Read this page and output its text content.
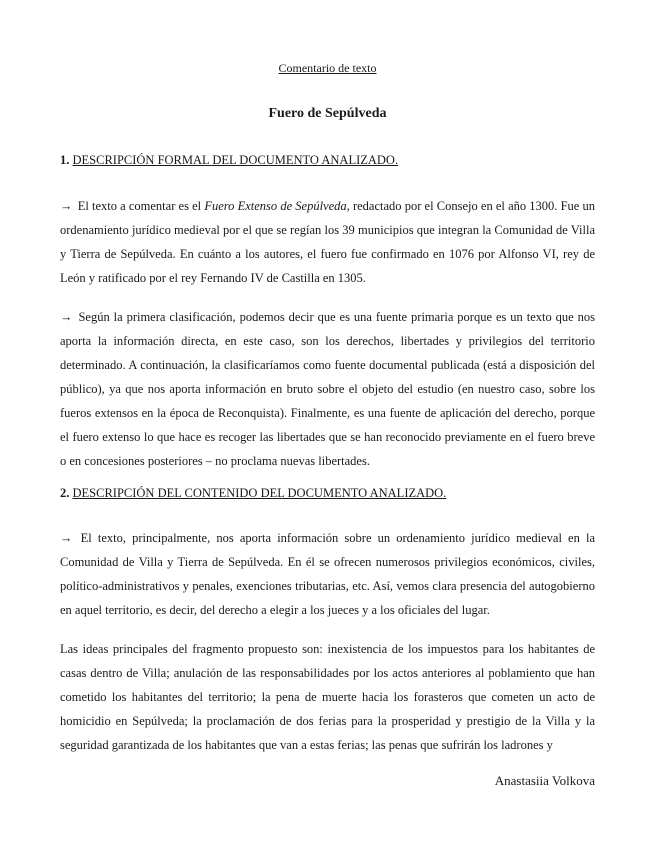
Comentario de texto
Fuero de Sepúlveda
1. DESCRIPCIÓN FORMAL DEL DOCUMENTO ANALIZADO.

→ El texto a comentar es el Fuero Extenso de Sepúlveda, redactado por el Consejo en el año 1300. Fue un ordenamiento jurídico medieval por el que se regían los 39 municipios que integran la Comunidad de Villa y Tierra de Sepúlveda. En cuánto a los autores, el fuero fue confirmado en 1076 por Alfonso VI, rey de León y ratificado por el rey Fernando IV de Castilla en 1305.

→ Según la primera clasificación, podemos decir que es una fuente primaria porque es un texto que nos aporta la información directa, en este caso, son los derechos, libertades y privilegios del territorio determinado. A continuación, la clasificaríamos como fuente documental publicada (está a disposición del público), ya que nos aporta información en bruto sobre el objeto del estudio (en nuestro caso, sobre los fueros extensos en la época de Reconquista). Finalmente, es una fuente de aplicación del derecho, porque el fuero extenso lo que hace es recoger las libertades que se han reconocido previamente en el fuero breve o en concesiones posteriores – no proclama nuevas libertades.

2. DESCRIPCIÓN DEL CONTENIDO DEL DOCUMENTO ANALIZADO.

→ El texto, principalmente, nos aporta información sobre un ordenamiento jurídico medieval en la Comunidad de Villa y Tierra de Sepúlveda. En él se ofrecen numerosos privilegios económicos, civiles, político-administrativos y penales, exenciones tributarias, etc. Así, vemos clara presencia del autogobierno en aquel territorio, es decir, del derecho a elegir a los jueces y a los oficiales del lugar.

Las ideas principales del fragmento propuesto son: inexistencia de los impuestos para los habitantes de casas dentro de Villa; anulación de las responsabilidades por los actos anteriores al poblamiento que han cometido los habitantes del territorio; la pena de muerte hacia los forasteros que cometen un acto de homicidio en Sepúlveda; la proclamación de dos ferias para la prosperidad y prestigio de la Villa y la seguridad garantizada de los habitantes que van a estas ferias; las penas que sufrirán los ladrones y

Anastasiia Volkova
